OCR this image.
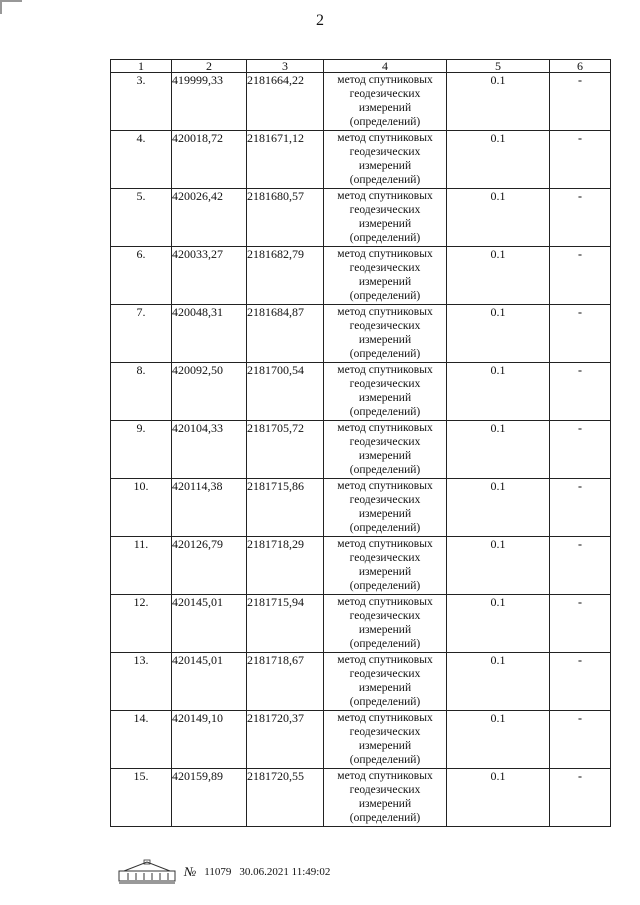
2
1	2	3	4	5	6
3.	419999,33	2181664,22	метод спутниковых геодезических измерений (определений)	0.1	-
4.	420018,72	2181671,12	метод спутниковых геодезических измерений (определений)	0.1	-
5.	420026,42	2181680,57	метод спутниковых геодезических измерений (определений)	0.1	-
6.	420033,27	2181682,79	метод спутниковых геодезических измерений (определений)	0.1	-
7.	420048,31	2181684,87	метод спутниковых геодезических измерений (определений)	0.1	-
8.	420092,50	2181700,54	метод спутниковых геодезических измерений (определений)	0.1	-
9.	420104,33	2181705,72	метод спутниковых геодезических измерений (определений)	0.1	-
10.	420114,38	2181715,86	метод спутниковых геодезических измерений (определений)	0.1	-
11.	420126,79	2181718,29	метод спутниковых геодезических измерений (определений)	0.1	-
12.	420145,01	2181715,94	метод спутниковых геодезических измерений (определений)	0.1	-
13.	420145,01	2181718,67	метод спутниковых геодезических измерений (определений)	0.1	-
14.	420149,10	2181720,37	метод спутниковых геодезических измерений (определений)	0.1	-
15.	420159,89	2181720,55	метод спутниковых геодезических измерений (определений)	0.1	-
№ 11079 30.06.2021 11:49:02
